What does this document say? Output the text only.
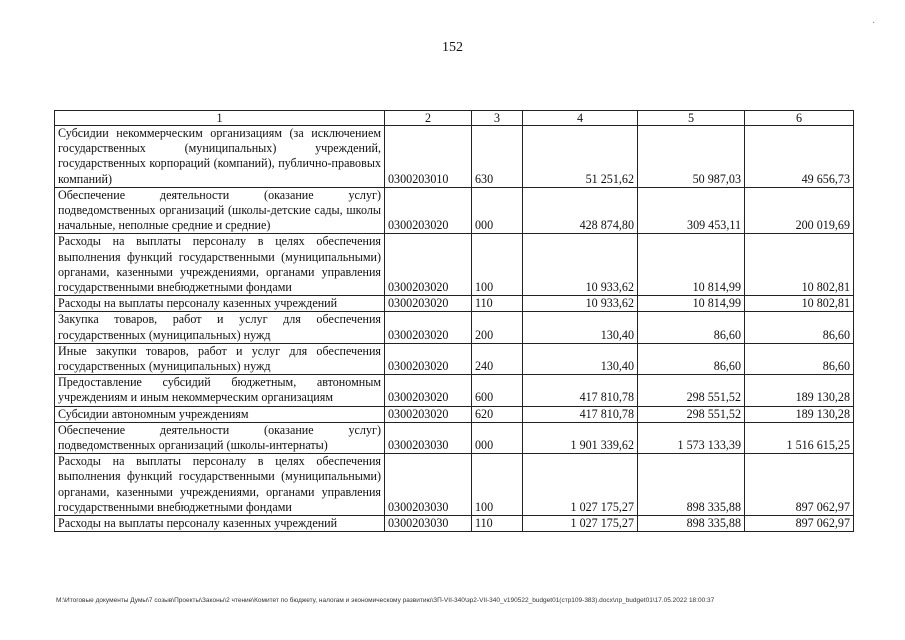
152
·
1	2	3	4	5	6
Субсидии некоммерческим организациям (за исключением государственных (муниципальных) учреждений, государственных корпораций (компаний), публично-правовых компаний)	0300203010	630	51 251,62	50 987,03	49 656,73
Обеспечение деятельности (оказание услуг) подведомственных организаций (школы-детские сады, школы начальные, неполные средние и средние)	0300203020	000	428 874,80	309 453,11	200 019,69
Расходы на выплаты персоналу в целях обеспечения выполнения функций государственными (муниципальными) органами, казенными учреждениями, органами управления государственными внебюджетными фондами	0300203020	100	10 933,62	10 814,99	10 802,81
Расходы на выплаты персоналу казенных учреждений	0300203020	110	10 933,62	10 814,99	10 802,81
Закупка товаров, работ и услуг для обеспечения государственных (муниципальных) нужд	0300203020	200	130,40	86,60	86,60
Иные закупки товаров, работ и услуг для обеспечения государственных (муниципальных) нужд	0300203020	240	130,40	86,60	86,60
Предоставление субсидий бюджетным, автономным учреждениям и иным некоммерческим организациям	0300203020	600	417 810,78	298 551,52	189 130,28
Субсидии автономным учреждениям	0300203020	620	417 810,78	298 551,52	189 130,28
Обеспечение деятельности (оказание услуг) подведомственных организаций (школы-интернаты)	0300203030	000	1 901 339,62	1 573 133,39	1 516 615,25
Расходы на выплаты персоналу в целях обеспечения выполнения функций государственными (муниципальными) органами, казенными учреждениями, органами управления государственными внебюджетными фондами	0300203030	100	1 027 175,27	898 335,88	897 062,97
Расходы на выплаты персоналу казенных учреждений	0300203030	110	1 027 175,27	898 335,88	897 062,97
M:\Итоговые документы Думы\7 созыв\Проекты\Законы\2 чтение\Комитет по бюджету, налогам и экономическому развитию\ЗП-VII-340\зр2-VII-340_v190522_budget01(стр109-383).docx\лр_budget01\17.05.2022 18:00:37
